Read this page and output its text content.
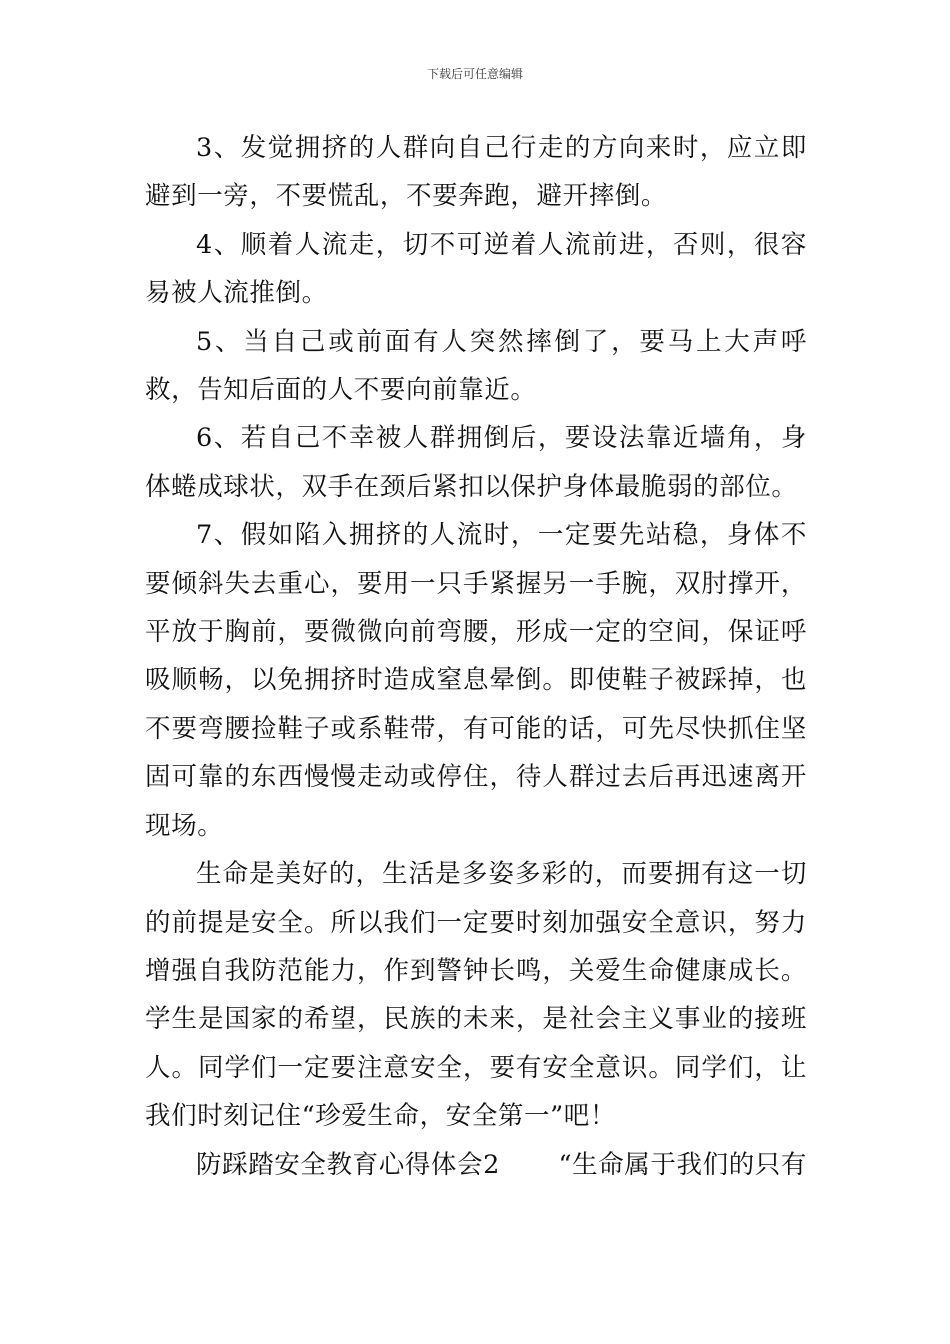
下载后可任意编辑

3、发觉拥挤的人群向自己行走的方向来时，应立即避到一旁，不要慌乱，不要奔跑，避开摔倒。

4、顺着人流走，切不可逆着人流前进，否则，很容易被人流推倒。

5、当自己或前面有人突然摔倒了，要马上大声呼救，告知后面的人不要向前靠近。

6、若自己不幸被人群拥倒后，要设法靠近墙角，身体蜷成球状，双手在颈后紧扣以保护身体最脆弱的部位。

7、假如陷入拥挤的人流时，一定要先站稳，身体不要倾斜失去重心，要用一只手紧握另一手腕，双肘撑开，平放于胸前，要微微向前弯腰，形成一定的空间，保证呼吸顺畅，以免拥挤时造成窒息晕倒。即使鞋子被踩掉，也不要弯腰捡鞋子或系鞋带，有可能的话，可先尽快抓住坚固可靠的东西慢慢走动或停住，待人群过去后再迅速离开现场。

生命是美好的，生活是多姿多彩的，而要拥有这一切的前提是安全。所以我们一定要时刻加强安全意识，努力增强自我防范能力，作到警钟长鸣，关爱生命健康成长。学生是国家的希望，民族的未来，是社会主义事业的接班人。同学们一定要注意安全，要有安全意识。同学们，让我们时刻记住“珍爱生命，安全第一”吧！

防踩踏安全教育心得体会2 “生命属于我们的只有
